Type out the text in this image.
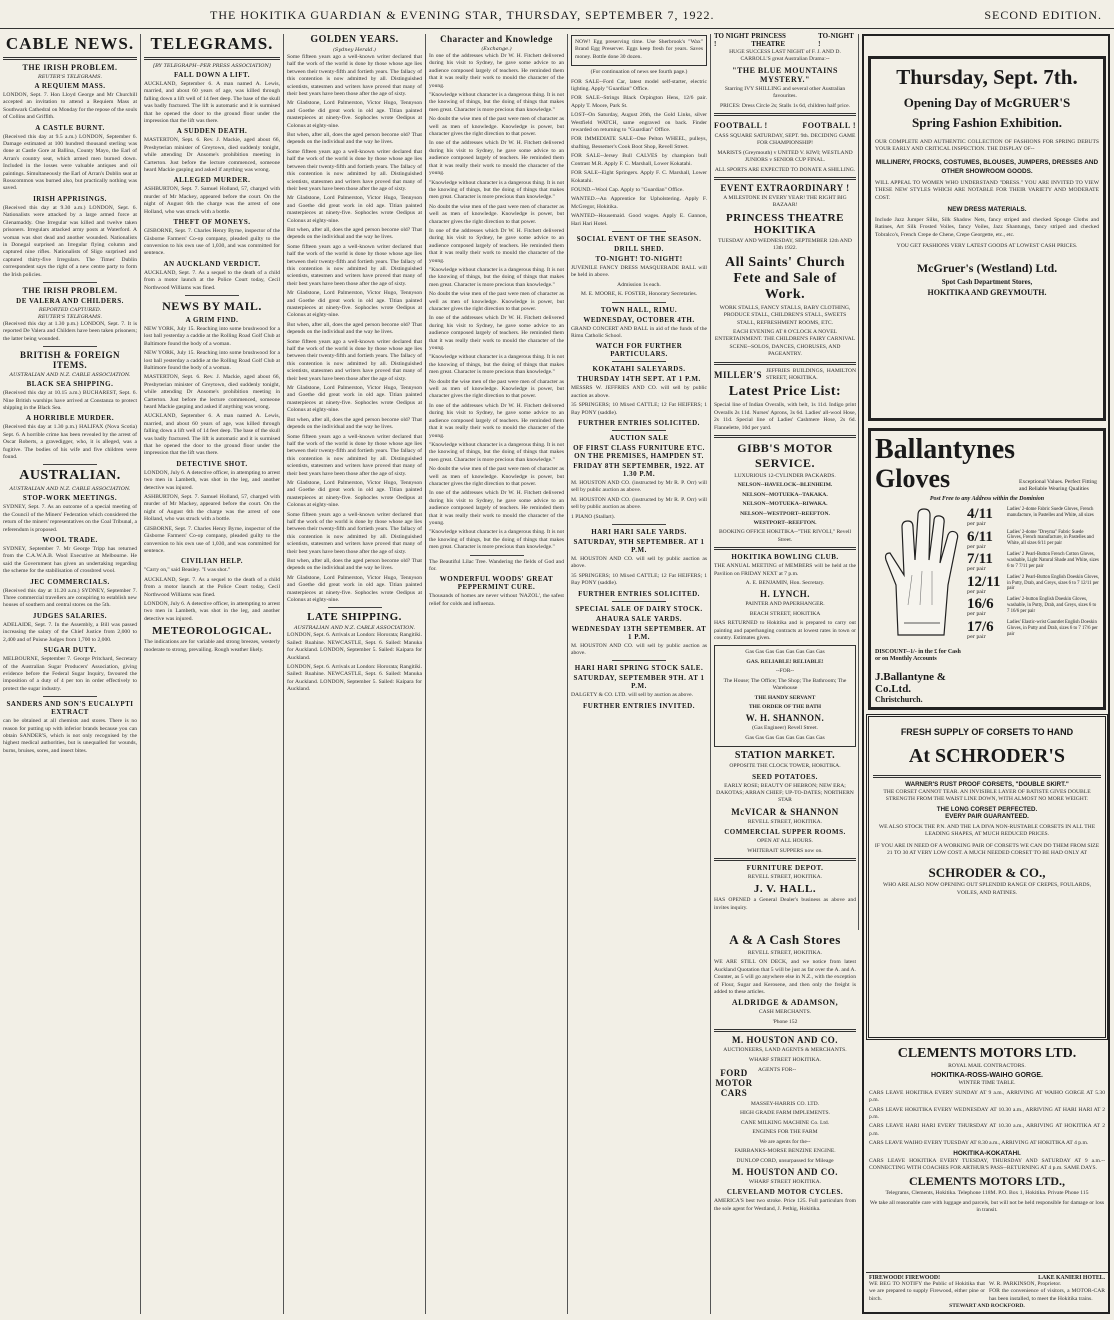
THE HOKITIKA GUARDIAN & EVENING STAR, THURSDAY, SEPTEMBER 7, 1922.	SECOND EDITION.
CABLE NEWS.
THE IRISH PROBLEM.
REUTER'S TELEGRAMS.
A REQUIEM MASS.

LONDON, Sept. 7. Hon Lloyd George and Mr Churchill accepted an invitation to attend a Requiem Mass at Southwark Cathedral on Monday for the repose of the souls of Collins and Griffith.

A CASTLE BURNT.

(Received this day at 9.5 a.m.) LONDON, September 6. Damage estimated at 100 hundred thousand sterling was done at Castle Gore at Ballina, County Mayo, the Earl of Arran's country seat, which armed men burned down. Included in the losses were valuable antiques and oil paintings. Simultaneously the Earl of Arran's Dublin seat at Rosscommon was burned also, but practically nothing was saved.

IRISH APPRISINGS.

(Received this day at 9.30 a.m.) LONDON, Sept. 6. Nationalists were attacked by a large armed force at Glenamaddy. One Irregular was killed and twelve taken prisoners. Irregulars attacked army posts at Waterford. A woman was shot dead and another wounded. Nationalists in Donegal surprised an Irregular flying column and captured nine rifles. Nationalists of Sligo surprised and captured thirty-five Irregulars. The Times' Dublin correspondent says the right of a new centre party to form the Irish policies.

THE IRISH PROBLEM.
DE VALERA AND CHILDERS.
REPORTED CAPTURED.
REUTER'S TELEGRAMS.

(Received this day at 1.30 p.m.) LONDON, Sept. 7. It is reported De Valera and Childers have been taken prisoners; the latter being wounded.

BRITISH & FOREIGN ITEMS.
AUSTRALIAN AND N.Z. CABLE ASSOCIATION.
BLACK SEA SHIPPING.

(Received this day at 10.15 a.m.) BUCHAREST, Sept. 6. Nine British warships have arrived at Constanza to protect shipping in the Black Sea.

A HORRIBLE MURDER.

(Received this day at 1.30 p.m.) HALIFAX (Nova Scotia) Sept. 6. A horrible crime has been revealed by the arrest of Oscar Roberts, a gravedigger, who, it is alleged, was a fugitive. The bodies of his wife and five children were found.

AUSTRALIAN.
AUSTRALIAN AND N.Z. CABLE ASSOCIATION.
STOP-WORK MEETINGS.

SYDNEY, Sept. 7. As an outcome of a special meeting of the Council of the Miners' Federation which considered the return of the miners' representatives on the Coal Tribunal, a referendum is proposed.

WOOL TRADE.

SYDNEY, September 7. Mr George Tripp has returned from the C.A.W.A.B. Wool Executive at Melbourne. He said the Government has given an undertaking regarding the scheme for the stabilisation of crossbred wool.

JEC COMMERCIALS.

(Received this day at 11.20 a.m.) SYDNEY, September 7. Three commercial travellers are conspiring to establish new houses of southern and central stores on the 5th.

JUDGES SALARIES.

ADELAIDE, Sept. 7. In the Assembly, a Bill was passed increasing the salary of the Chief Justice from 2,000 to 2,400 and of Puisne Judges from 1,700 to 2,000.

SUGAR DUTY.

MELBOURNE, September 7. George Pritchard, Secretary of the Australian Sugar Producers' Association, giving evidence before the Federal Sugar Inquiry, favoured the imposition of a duty of 4 per ton in order effectively to protect the sugar industry.

SANDERS AND SON'S EUCALYPTI EXTRACT

can be obtained at all chemists and stores. There is no reason for putting up with inferior brands because you can obtain SANDER'S, which is not only recognised by the highest medical authorities, but is unequalled for wounds, burns, bruises, sores, and insect bites.

TELEGRAMS.
[BY TELEGRAPH--PER PRESS ASSOCIATION]
FALL DOWN A LIFT.

AUCKLAND, September 6. A man named A. Lewis, married, and about 60 years of age, was killed through falling down a lift well of 14 feet deep. The base of the skull was badly fractured. The lift is automatic and it is surmised that he opened the door to the ground floor under the impression that the lift was there.

A SUDDEN DEATH.

MASTERTON, Sept. 6. Rev. J. Mackie, aged about 66, Presbyterian minister of Greytown, died suddenly tonight, while attending Dr Ansome's prohibition meeting in Carterton. Just before the lecture commenced, someone heard Mackie gasping and asked if anything was wrong.

ALLEGED MURDER.

ASHBURTON, Sept. 7. Samuel Holland, 57, charged with murder of Mr Mackey, appeared before the court. On the night of August 6th the charge was the arrest of one Holland, who was struck with a bottle.

THEFT OF MONEYS.

GISBORNE, Sept. 7. Charles Henry Byrne, inspector of the Gisborne Farmers' Co-op company, pleaded guilty to the conversion to his own use of 1,030, and was committed for sentence.

AN AUCKLAND VERDICT.

AUCKLAND, Sept. 7. As a sequel to the death of a child from a motor launch at the Police Court today, Cecil Northwood Williams was fined.

NEWS BY MAIL.
A GRIM FIND.

NEW YORK, July 15. Reaching into some brushwood for a lost ball yesterday a caddie at the Rolling Road Golf Club at Baltimore found the body of a woman.

NEW YORK, July 15. Reaching into some brushwood for a lost ball yesterday a caddie at the Rolling Road Golf Club at Baltimore found the body of a woman.

MASTERTON, Sept. 6. Rev. J. Mackie, aged about 66, Presbyterian minister of Greytown, died suddenly tonight, while attending Dr Ansome's prohibition meeting in Carterton. Just before the lecture commenced, someone heard Mackie gasping and asked if anything was wrong.

AUCKLAND, September 6. A man named A. Lewis, married, and about 60 years of age, was killed through falling down a lift well of 14 feet deep. The base of the skull was badly fractured. The lift is automatic and it is surmised that he opened the door to the ground floor under the impression that the lift was there.

DETECTIVE SHOT.

LONDON, July 6. A detective officer, in attempting to arrest two men in Lambeth, was shot in the leg, and another detective was injured.

ASHBURTON, Sept. 7. Samuel Holland, 57, charged with murder of Mr Mackey, appeared before the court. On the night of August 6th the charge was the arrest of one Holland, who was struck with a bottle.

GISBORNE, Sept. 7. Charles Henry Byrne, inspector of the Gisborne Farmers' Co-op company, pleaded guilty to the conversion to his own use of 1,030, and was committed for sentence.

CIVILIAN HELP.

"Carry on," said Beasley. "I was shot."

AUCKLAND, Sept. 7. As a sequel to the death of a child from a motor launch at the Police Court today, Cecil Northwood Williams was fined.

LONDON, July 6. A detective officer, in attempting to arrest two men in Lambeth, was shot in the leg, and another detective was injured.

METEOROLOGICAL.

The indications are for variable and strong breezes, westerly moderate to strong, prevailing. Rough weather likely.

GOLDEN YEARS.
(Sydney Herald.)

Some fifteen years ago a well-known writer declared that half the work of the world is done by those whose age lies between their twenty-fifth and fortieth years. The fallacy of this contention is now admitted by all. Distinguished scientists, statesmen and writers have proved that many of their best years have been those after the age of sixty.

Mr Gladstone, Lord Palmerston, Victor Hugo, Tennyson and Goethe did great work in old age. Titian painted masterpieces at ninety-five. Sophocles wrote Oedipus at Colonus at eighty-nine.

But when, after all, does the aged person become old? That depends on the individual and the way he lives.

Some fifteen years ago a well-known writer declared that half the work of the world is done by those whose age lies between their twenty-fifth and fortieth years. The fallacy of this contention is now admitted by all. Distinguished scientists, statesmen and writers have proved that many of their best years have been those after the age of sixty.

Mr Gladstone, Lord Palmerston, Victor Hugo, Tennyson and Goethe did great work in old age. Titian painted masterpieces at ninety-five. Sophocles wrote Oedipus at Colonus at eighty-nine.

But when, after all, does the aged person become old? That depends on the individual and the way he lives.

Some fifteen years ago a well-known writer declared that half the work of the world is done by those whose age lies between their twenty-fifth and fortieth years. The fallacy of this contention is now admitted by all. Distinguished scientists, statesmen and writers have proved that many of their best years have been those after the age of sixty.

Mr Gladstone, Lord Palmerston, Victor Hugo, Tennyson and Goethe did great work in old age. Titian painted masterpieces at ninety-five. Sophocles wrote Oedipus at Colonus at eighty-nine.

But when, after all, does the aged person become old? That depends on the individual and the way he lives.

Some fifteen years ago a well-known writer declared that half the work of the world is done by those whose age lies between their twenty-fifth and fortieth years. The fallacy of this contention is now admitted by all. Distinguished scientists, statesmen and writers have proved that many of their best years have been those after the age of sixty.

Mr Gladstone, Lord Palmerston, Victor Hugo, Tennyson and Goethe did great work in old age. Titian painted masterpieces at ninety-five. Sophocles wrote Oedipus at Colonus at eighty-nine.

But when, after all, does the aged person become old? That depends on the individual and the way he lives.

Some fifteen years ago a well-known writer declared that half the work of the world is done by those whose age lies between their twenty-fifth and fortieth years. The fallacy of this contention is now admitted by all. Distinguished scientists, statesmen and writers have proved that many of their best years have been those after the age of sixty.

Mr Gladstone, Lord Palmerston, Victor Hugo, Tennyson and Goethe did great work in old age. Titian painted masterpieces at ninety-five. Sophocles wrote Oedipus at Colonus at eighty-nine.

Some fifteen years ago a well-known writer declared that half the work of the world is done by those whose age lies between their twenty-fifth and fortieth years. The fallacy of this contention is now admitted by all. Distinguished scientists, statesmen and writers have proved that many of their best years have been those after the age of sixty.

But when, after all, does the aged person become old? That depends on the individual and the way he lives.

Mr Gladstone, Lord Palmerston, Victor Hugo, Tennyson and Goethe did great work in old age. Titian painted masterpieces at ninety-five. Sophocles wrote Oedipus at Colonus at eighty-nine.

LATE SHIPPING.
AUSTRALIAN AND N.Z. CABLE ASSOCIATION.

LONDON, Sept. 6. Arrivals at London: Hororata; Rangitiki. Sailed: Ruahine. NEWCASTLE, Sept. 6. Sailed: Manuka for Auckland. LONDON, September 5. Sailed: Kaipara for Auckland.

LONDON, Sept. 6. Arrivals at London: Hororata; Rangitiki. Sailed: Ruahine. NEWCASTLE, Sept. 6. Sailed: Manuka for Auckland. LONDON, September 5. Sailed: Kaipara for Auckland.

Character and Knowledge
(Exchange.)

In one of the addresses which Dr W. H. Fitchett delivered during his visit to Sydney, he gave some advice to an audience composed largely of teachers. He reminded them that it was really their work to mould the character of the young.

"Knowledge without character is a dangerous thing. It is not the knowing of things, but the doing of things that makes men great. Character is more precious than knowledge."

No doubt the wise men of the past were men of character as well as men of knowledge. Knowledge is power, but character gives the right direction to that power.

In one of the addresses which Dr W. H. Fitchett delivered during his visit to Sydney, he gave some advice to an audience composed largely of teachers. He reminded them that it was really their work to mould the character of the young.

"Knowledge without character is a dangerous thing. It is not the knowing of things, but the doing of things that makes men great. Character is more precious than knowledge."

No doubt the wise men of the past were men of character as well as men of knowledge. Knowledge is power, but character gives the right direction to that power.

In one of the addresses which Dr W. H. Fitchett delivered during his visit to Sydney, he gave some advice to an audience composed largely of teachers. He reminded them that it was really their work to mould the character of the young.

"Knowledge without character is a dangerous thing. It is not the knowing of things, but the doing of things that makes men great. Character is more precious than knowledge."

No doubt the wise men of the past were men of character as well as men of knowledge. Knowledge is power, but character gives the right direction to that power.

In one of the addresses which Dr W. H. Fitchett delivered during his visit to Sydney, he gave some advice to an audience composed largely of teachers. He reminded them that it was really their work to mould the character of the young.

"Knowledge without character is a dangerous thing. It is not the knowing of things, but the doing of things that makes men great. Character is more precious than knowledge."

No doubt the wise men of the past were men of character as well as men of knowledge. Knowledge is power, but character gives the right direction to that power.

In one of the addresses which Dr W. H. Fitchett delivered during his visit to Sydney, he gave some advice to an audience composed largely of teachers. He reminded them that it was really their work to mould the character of the young.

"Knowledge without character is a dangerous thing. It is not the knowing of things, but the doing of things that makes men great. Character is more precious than knowledge."

No doubt the wise men of the past were men of character as well as men of knowledge. Knowledge is power, but character gives the right direction to that power.

In one of the addresses which Dr W. H. Fitchett delivered during his visit to Sydney, he gave some advice to an audience composed largely of teachers. He reminded them that it was really their work to mould the character of the young.

"Knowledge without character is a dangerous thing. It is not the knowing of things, but the doing of things that makes men great. Character is more precious than knowledge."

The Beautiful Lilac Tree. Wandering the fields of God and for.

WONDERFUL WOODS' GREAT PEPPERMINT CURE.

Thousands of homes are never without 'NAZOL', the safest relief for colds and influenza.

NOW! Egg preserving time. Use Sherbrook's "Wax" Brand Egg Preserver. Eggs keep fresh for years. Saves money. Bottle done 30 dozen.

(For continuation of news see fourth page.)

FOR SALE--Ford Car, latest model self-starter, electric lighting. Apply "Guardian" Office.

FOR SALE--Strings Black Orpington Hens, 12/6 pair. Apply T. Moore, Park St.

LOST--On Saturday, August 26th, the Gold Links, silver Westfield WATCH, same engraved on back. Finder rewarded on returning to "Guardian" Office.

FOR IMMEDIATE SALE--One Pelton WHEEL, pulleys, shafting, Bessemer's Cook Boot Shop, Revell Street.

FOR SALE--Jersey Bull CALVES by champion bull Contrast M.R. Apply F. C. Marshall, Lower Kokatahi.

FOR SALE--Eight Springers. Apply F. C. Marshall, Lower Kokatahi.

FOUND.--Wool Cap. Apply to "Guardian" Office.

WANTED.--An Apprentice for Upholstering. Apply F. McGregor, Hokitika.

WANTED--Housemaid. Good wages. Apply E. Gannon, Hari Hari Hotel.

SOCIAL EVENT OF THE SEASON.
DRILL SHED.
TO-NIGHT! TO-NIGHT!

JUVENILE FANCY DRESS MASQUERADE BALL will be held in above.

Admission 1s each.

M. E. MOORE, K. FOSTER, Honorary Secretaries.

TOWN HALL, RIMU.
WEDNESDAY, OCTOBER 4TH.

GRAND CONCERT AND BALL in aid of the funds of the Rimu Catholic School.

WATCH FOR FURTHER PARTICULARS.
KOKATAHI SALEYARDS.
THURSDAY 14TH SEPT. AT 1 P.M.

MESSRS W. JEFFRIES AND CO. will sell by public auction as above.

35 SPRINGERS; 10 Mixed CATTLE; 12 Fat HEIFERS; 1 Bay PONY (saddle).

FURTHER ENTRIES SOLICITED.
AUCTION SALE
OF FIRST CLASS FURNITURE ETC. ON THE PREMISES, HAMPDEN ST.
FRIDAY 8TH SEPTEMBER, 1922. AT 1.30 P.M.

M. HOUSTON AND CO. (instructed by Mr R. P. Orr) will sell by public auction as above.

M. HOUSTON AND CO. (instructed by Mr R. P. Orr) will sell by public auction as above.

1 PIANO (Stallart).

HARI HARI SALE YARDS.
SATURDAY, 9TH SEPTEMBER. AT 1 P.M.

M. HOUSTON AND CO. will sell by public auction as above.

35 SPRINGERS; 10 Mixed CATTLE; 12 Fat HEIFERS; 1 Bay PONY (saddle).

FURTHER ENTRIES SOLICITED.
SPECIAL SALE OF DAIRY STOCK.
AHAURA SALE YARDS.
WEDNESDAY 13TH SEPTEMBER. AT 1 P.M.

M. HOUSTON AND CO. will sell by public auction as above.

HARI HARI SPRING STOCK SALE.
SATURDAY, SEPTEMBER 9TH. AT 1 P.M.

DALGETY & CO. LTD. will sell by auction as above.

FURTHER ENTRIES INVITED.
TO NIGHT !
PRINCESS THEATRE
TO-NIGHT !

HUGE SUCCESS LAST NIGHT of F. J. AND D. CARROLL'S great Australian Drama:--

"THE BLUE MOUNTAINS MYSTERY."

Starring IVY SHILLING and several other Australian favourites.

PRICES: Dress Circle 2s; Stalls 1s 6d, children half price.

FOOTBALL !	FOOTBALL !

CASS SQUARE SATURDAY, SEPT. 9th. DECIDING GAME FOR CHAMPIONSHIP!

MARISTS (Greymouth) v UNITED V. KIWI; WESTLAND JUNIORS v SENIOR CUP FINAL.

ALL SPORTS ARE EXPECTED TO DONATE A SHILLING.

EVENT EXTRAORDINARY !

A MILESTONE IN EVERY YEAR! THE RIGHT BIG BAZAAR!

PRINCESS THEATRE HOKITIKA

TUESDAY AND WEDNESDAY, SEPTEMBER 12th AND 13th 1922.

All Saints' Church Fete and Sale of Work.

WORK STALLS, FANCY STALLS, BABY CLOTHING, PRODUCE STALL, CHILDREN'S STALL, SWEETS STALL, REFRESHMENT ROOMS, ETC.

EACH EVENING AT 8 O'CLOCK A NOVEL ENTERTAINMENT. THE CHILDREN'S FAIRY CARNIVAL SCENE--SOLOS, DANCES, CHORUSES, AND PAGEANTRY.

MILLER'S JEFFRIES BUILDINGS, HAMILTON STREET, HOKITIKA.
Latest Price List:

Special line of Indian Overalls, with belt, 1s 11d. Indigo print Overalls 2s 11d. Nurses' Aprons, 3s 6d. Ladies' all-wool Hose, 2s 11d. Special line of Ladies' Cashmere Hose, 2s 6d. Flannelette, 10d per yard.

GIBB'S MOTOR SERVICE.

LUXURIOUS 12-CYLINDER PACKARDS.

NELSON--HAVELOCK--BLENHEIM.

NELSON--MOTUEKA--TAKAKA.

NELSON--MOTUEKA--RIWAKA.

NELSON--WESTPORT--REEFTON.

WESTPORT--REEFTON.

BOOKING OFFICE HOKITIKA--"THE RIVOLI," Revell Street.

HOKITIKA BOWLING CLUB.

THE ANNUAL MEETING of MEMBERS will be held at the Pavilion on FRIDAY NEXT at 7 p.m.

A. E. BENJAMIN, Hon. Secretary.

H. LYNCH.

PAINTER AND PAPERHANGER.

BEACH STREET, HOKITIKA

HAS RETURNED to Hokitika and is prepared to carry out painting and paperhanging contracts at lowest rates in town or country. Estimates given.

Gas Gas Gas Gas Gas Gas Gas Gas

GAS. RELIABLE! RELIABLE!

--FOR--

The House; The Office; The Shop; The Bathroom; The Warehouse

THE HANDY SERVANT

THE ORDER OF THE BATH

W. H. SHANNON.

(Gas Engineer) Revell Street.

Gas Gas Gas Gas Gas Gas Gas Gas

STATION MARKET.

OPPOSITE THE CLOCK TOWER, HOKITIKA.

SEED POTATOES.

EARLY ROSE; BEAUTY OF HEBRON; NEW ERA; DAKOTAS; ARRAN CHIEF; UP-TO-DATES; NORTHERN STAR

McVICAR & SHANNON

REVELL STREET, HOKITIKA.

COMMERCIAL SUPPER ROOMS.

OPEN AT ALL HOURS.

WHITEBAIT SUPPERS now on.

FURNITURE DEPOT.

REVELL STREET, HOKITIKA.

J. V. HALL.

HAS OPENED a General Dealer's business as above and invites inquiry.

A & A Cash Stores

REVELL STREET, HOKITIKA.

WE ARE STILL ON DECK, and we notice from latest Auckland Quotation that 5 will be just as far over the A. and A. Counter, as 5 will go anywhere else in N.Z., with the exception of Flour, Sugar and Kerosene, and then only the freight is added to these articles.

ALDRIDGE & ADAMSON,

CASH MERCHANTS.

'Phone 152

M. HOUSTON AND CO.

AUCTIONEERS, LAND AGENTS & MERCHANTS.

WHARF STREET HOKITIKA.

FORD MOTOR CARS

AGENTS FOR--

MASSEY-HARRIS CO. LTD.

HIGH GRADE FARM IMPLEMENTS.

CANE MILKING MACHINE Co. Ltd.

ENGINES FOR THE FARM

We are agents for the--

FAIRBANKS-MORSE BENZINE ENGINE.

DUNLOP CORD, unsurpassed for Mileage

M. HOUSTON AND CO.

WHARF STREET HOKITIKA.

CLEVELAND MOTOR CYCLES.

AMERICA'S best two stroke. Price 125. Full particulars from the sole agent for Westland, J. Pethig, Hokitika.

Thursday, Sept. 7th.
Opening Day of McGRUER'S
Spring Fashion Exhibition.

OUR COMPLETE AND AUTHENTIC COLLECTION OF FASHIONS FOR SPRING DEBUTS YOUR EARLY AND CRITICAL INSPECTION. THE DISPLAY OF--

MILLINERY, FROCKS, COSTUMES, BLOUSES, JUMPERS, DRESSES AND OTHER SHOWROOM GOODS.

WILL APPEAL TO WOMEN WHO UNDERSTAND "DRESS." YOU ARE INVITED TO VIEW THESE NEW STYLES WHICH ARE NOTABLE FOR THEIR VARIETY AND MODERATE COST.

NEW DRESS MATERIALS.

Include Jazz Jumper Silks, Silk Shadow Nets, fancy striped and checked Sponge Cloths and Ratines, Art Silk Frosted Voiles, fancy Voiles, Jazz Shantungs, fancy striped and checked Tobralco's, French Crepe de Chene, Crepe Georgette, etc., etc.

YOU GET FASHIONS VERY LATEST GOODS AT LOWEST CASH PRICES.

McGruer's (Westland) Ltd.
Spot Cash Department Stores,
HOKITIKA AND GREYMOUTH.
Ballantynes
Gloves	Exceptional Values. Perfect Fitting and Reliable Wearing Qualities
Post Free to any Address within the Dominion
DISCOUNT--1/- in the £ for Cash or on Monthly Accounts
J.Ballantyne & Co.Ltd.
Christchurch.
4/11
per pair
Ladies' 2-dome Fabric Suede Gloves, French manufacture, in Pastelles and White, all sizes
6/11
per pair
Ladies' 2-dome "Dreyma" Fabric Suede Gloves, French manufacture, in Pastelles and White, all sizes 6/11 per pair
7/11
per pair
Ladies' 2 Pearl-Button French Cotton Gloves, washable, Light Natural Shade and White, sizes 6 to 7 7/11 per pair
12/11
per pair
Ladies' 2 Pearl-Button English Doeskin Gloves, in Putty, Drab, and Greys, sizes 6 to 7 12/11 per pair
16/6
per pair
Ladies' 2-button English Doeskin Gloves, washable, in Putty, Drab, and Greys, sizes 6 to 7 16/6 per pair
17/6
per pair
Ladies' Elastic-wrist Gauntlet English Doeskin Gloves, in Putty and Drab, sizes 6 to 7 17/6 per pair
FRESH SUPPLY OF CORSETS TO HAND
At SCHRODER'S
WARNER'S RUST PROOF CORSETS, "DOUBLE SKIRT."

THE CORSET CANNOT TEAR. AN INVISIBLE LAYER OF BATISTE GIVES DOUBLE STRENGTH FROM THE WAIST LINE DOWN, WITH ALMOST NO MORE WEIGHT.

THE LONG CORSET PERFECTED.
EVERY PAIR GUARANTEED.

WE ALSO STOCK THE P.N. AND THE LA DIVA NON-RUSTABLE CORSETS IN ALL THE LEADING SHAPES, AT MUCH REDUCED PRICES.

IF YOU ARE IN NEED OF A WORKING PAIR OF CORSETS WE CAN DO THEM FROM SIZE 21 TO 30 AT VERY LOW COST. A MUCH NEEDED CORSET TO BE HAD ONLY AT

SCHRODER & CO.,

WHO ARE ALSO NOW OPENING OUT SPLENDID RANGE OF CREPES, FOULARDS, VOILES, AND RATINES.

CLEMENTS MOTORS LTD.

ROYAL MAIL CONTRACTORS.

HOKITIKA-ROSS-WAIHO GORGE.

WINTER TIME TABLE.

CARS LEAVE HOKITIKA EVERY SUNDAY AT 9 a.m., ARRIVING AT WAIHO GORGE AT 5.30 p.m.

CARS LEAVE HOKITIKA EVERY WEDNESDAY AT 10.30 a.m., ARRIVING AT HARI HARI AT 2 p.m.

CARS LEAVE HARI HARI EVERY THURSDAY AT 10.30 a.m., ARRIVING AT HOKITIKA AT 2 p.m.

CARS LEAVE WAIHO EVERY TUESDAY AT 8.30 a.m., ARRIVING AT HOKITIKA AT 4 p.m.

HOKITIKA-KOKATAHI.

CARS LEAVE HOKITIKA EVERY TUESDAY, THURSDAY AND SATURDAY AT 9 a.m.--CONNECTING WITH COACHES FOR ARTHUR'S PASS--RETURNING AT 4 p.m. SAME DAYS.

CLEMENTS MOTORS LTD.,

Telegrams, Clements, Hokitika. Telephone 118M. P.O. Box 1, Hokitika. Private Phone 115

We take all reasonable care with luggage and parcels, but will not be held responsible for damage or loss in transit.

FIREWOOD! FIREWOOD!	LAKE KANIERI HOTEL.

WE BEG TO NOTIFY the Public of Hokitika that we are prepared to supply Firewood, either pine or birch.

W. R. PARKINSON, Proprietor.

FOR the convenience of visitors, a MOTOR-CAR has been installed, to meet the Hokitika trains.

STEWART AND ROCKFORD.
